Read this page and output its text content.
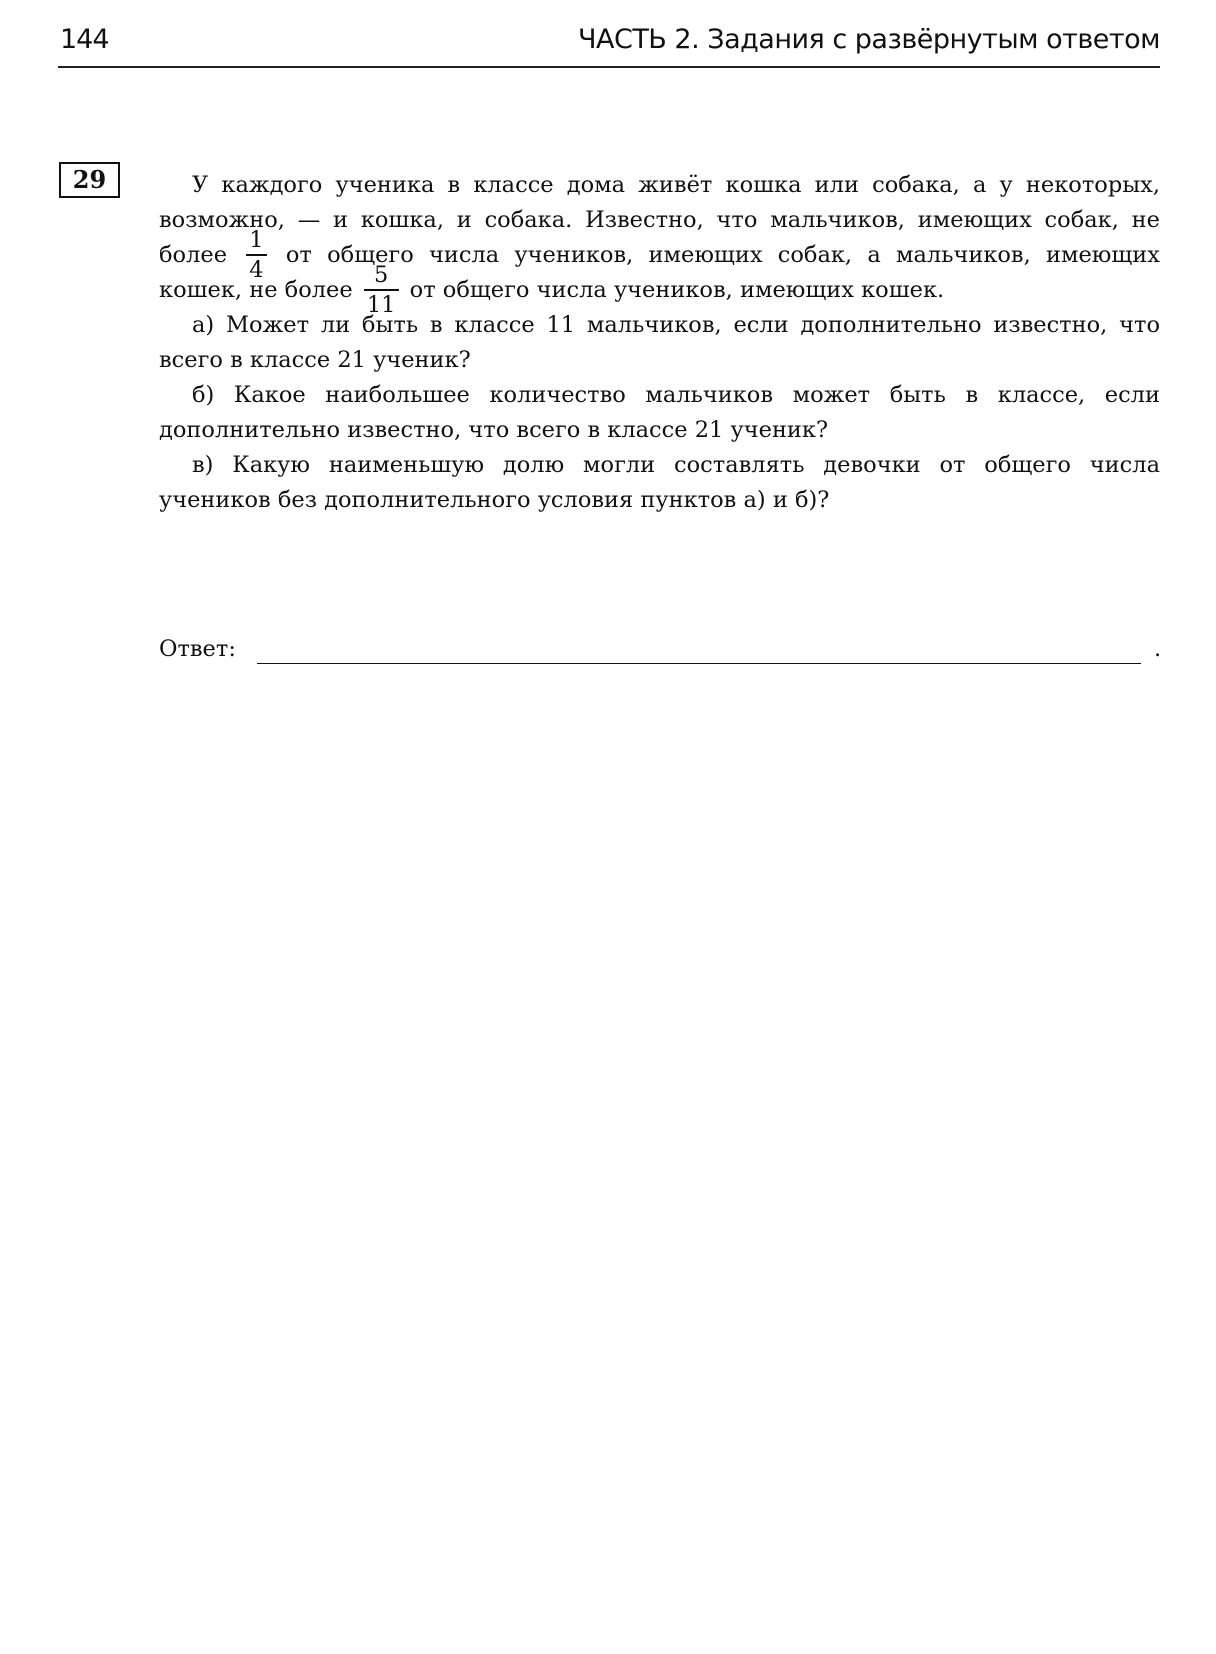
144	ЧАСТЬ 2. Задания с развёрнутым ответом
29	У каждого ученика в классе дома живёт кошка или собака, а у некоторых, возможно, — и кошка, и собака. Известно, что мальчиков, имеющих собак, не более $\frac{1}{4}$ от общего числа учеников, имеющих собак, а мальчиков, имеющих кошек, не более $\frac{5}{11}$ от общего числа учеников, имеющих кошек.

а) Может ли быть в классе 11 мальчиков, если дополнительно известно, что всего в классе 21 ученик?

б) Какое наибольшее количество мальчиков может быть в классе, если дополнительно известно, что всего в классе 21 ученик?

в) Какую наименьшую долю могли составлять девочки от общего числа учеников без дополнительного условия пунктов а) и б)?

Ответ:	.
